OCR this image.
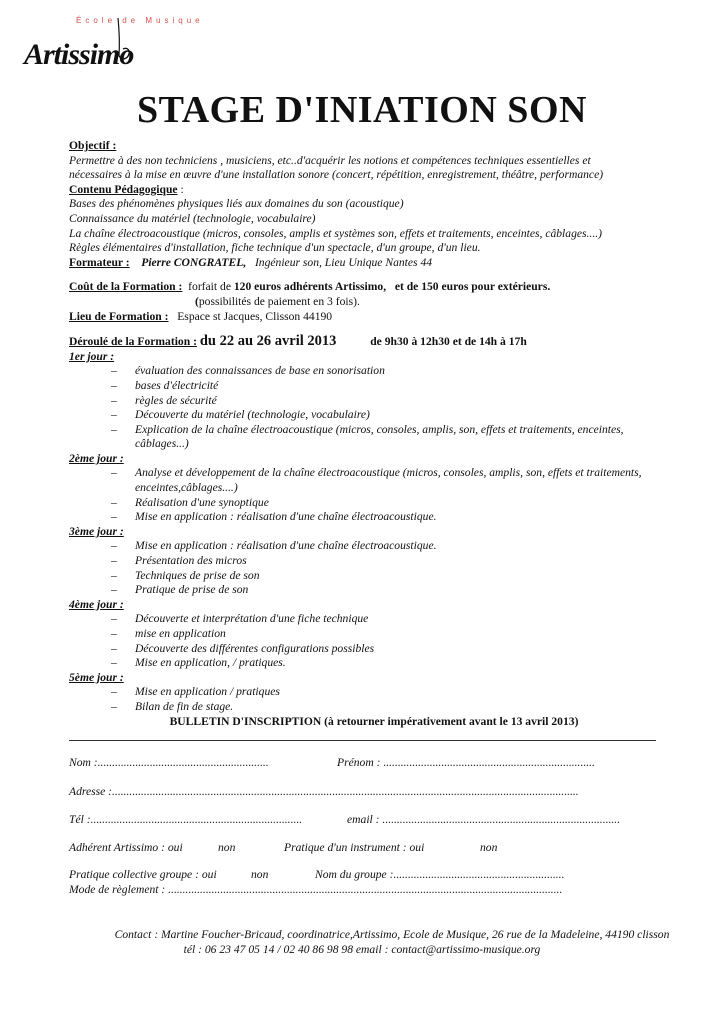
École de Musique
Artissimo
STAGE D'INIATION SON
Objectif :
Permettre à des non techniciens , musiciens, etc..d'acquérir les notions et compétences techniques essentielles et
nécessaires à la mise en œuvre d'une installation sonore (concert, répétition, enregistrement, théâtre, performance)
Contenu Pédagogique :
Bases des phénomènes physiques liés aux domaines du son (acoustique)
Connaissance du matériel (technologie, vocabulaire)
La chaîne électroacoustique (micros, consoles, amplis et systèmes son, effets et traitements, enceintes, câblages....)
Règles élémentaires d'installation, fiche technique d'un spectacle, d'un groupe, d'un lieu.
Formateur : Pierre CONGRATEL, Ingénieur son, Lieu Unique Nantes 44
Coût de la Formation : forfait de 120 euros adhérents Artissimo, et de 150 euros pour extérieurs.
(possibilités de paiement en 3 fois).
Lieu de Formation : Espace st Jacques, Clisson 44190
Déroulé de la Formation : du 22 au 26 avril 2013	de 9h30 à 12h30 et de 14h à 17h
1er jour :
– évaluation des connaissances de base en sonorisation
– bases d'électricité
– règles de sécurité
– Découverte du matériel (technologie, vocabulaire)
– Explication de la chaîne électroacoustique (micros, consoles, amplis, son, effets et traitements, enceintes, câblages...)
2ème jour :
– Analyse et développement de la chaîne électroacoustique (micros, consoles, amplis, son, effets et traitements, enceintes,câblages....)
– Réalisation d'une synoptique
– Mise en application : réalisation d'une chaîne électroacoustique.
3ème jour :
– Mise en application : réalisation d'une chaîne électroacoustique.
– Présentation des micros
– Techniques de prise de son
– Pratique de prise de son
4ème jour :
– Découverte et interprétation d'une fiche technique
– mise en application
– Découverte des différentes configurations possibles
– Mise en application, / pratiques.
5ème jour :
– Mise en application / pratiques
– Bilan de fin de stage.
BULLETIN D'INSCRIPTION (à retourner impérativement avant le 13 avril 2013)
Nom :...........................................................	Prénom : .........................................................................
Adresse :.................................................................................................................................................................
Tél :.........................................................................	email : ..................................................................................
Adhérent Artissimo : oui	non	Pratique d'un instrument : oui	non
Pratique collective groupe : oui	non	Nom du groupe :...........................................................
Mode de règlement : ........................................................................................................................................
Contact : Martine Foucher-Bricaud, coordinatrice,Artissimo, Ecole de Musique, 26 rue de la Madeleine, 44190 clisson
tél : 06 23 47 05 14 / 02 40 86 98 98 email : contact@artissimo-musique.org
